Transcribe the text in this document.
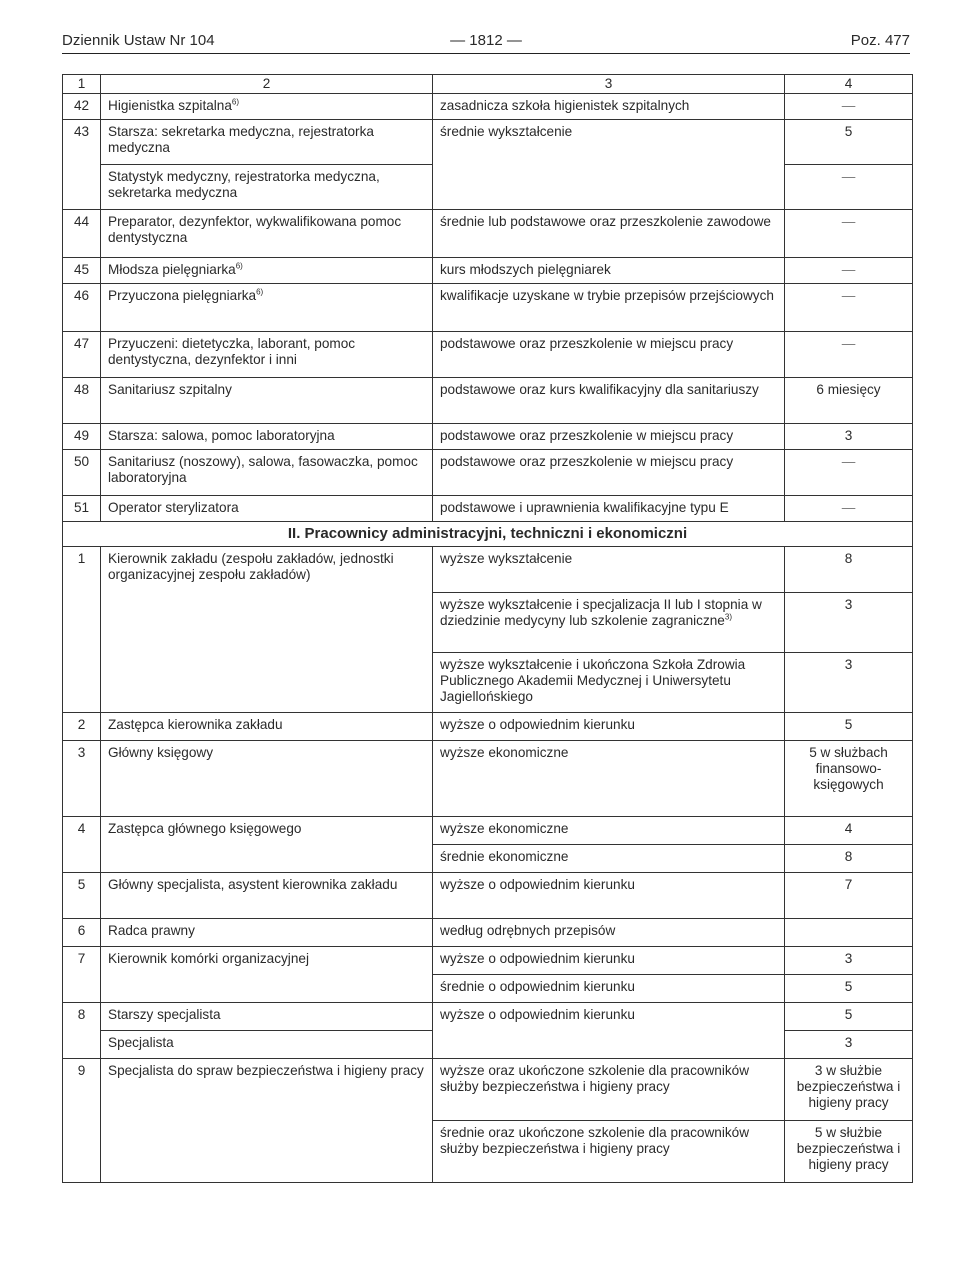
Dziennik Ustaw Nr 104	— 1812 —	Poz. 477
1	2	3	4
42	Higienistka szpitalna$^{6)}$	zasadnicza szkoła higienistek szpitalnych	—
43	Starsza: sekretarka medyczna, rejestratorka medyczna	średnie wykształcenie	5
	Statystyk medyczny, rejestratorka medyczna, sekretarka medyczna		—
44	Preparator, dezynfektor, wykwalifikowana pomoc dentystyczna	średnie lub podstawowe oraz przeszkolenie zawodowe	—
45	Młodsza pielęgniarka$^{6)}$	kurs młodszych pielęgniarek	—
46	Przyuczona pielęgniarka$^{6)}$	kwalifikacje uzyskane w trybie przepisów przejściowych	—
47	Przyuczeni: dietetyczka, laborant, pomoc dentystyczna, dezynfektor i inni	podstawowe oraz przeszkolenie w miejscu pracy	—
48	Sanitariusz szpitalny	podstawowe oraz kurs kwalifikacyjny dla sanitariuszy	6 miesięcy
49	Starsza: salowa, pomoc laboratoryjna	podstawowe oraz przeszkolenie w miejscu pracy	3
50	Sanitariusz (noszowy), salowa, fasowaczka, pomoc laboratoryjna	podstawowe oraz przeszkolenie w miejscu pracy	—
51	Operator sterylizatora	podstawowe i uprawnienia kwalifikacyjne typu E	—
II. Pracownicy administracyjni, techniczni i ekonomiczni			
1	Kierownik zakładu (zespołu zakładów, jednostki organizacyjnej zespołu zakładów)	wyższe wykształcenie	8
		wyższe wykształcenie i specjalizacja II lub I stopnia w dziedzinie medycyny lub szkolenie zagraniczne$^{3)}$	3
		wyższe wykształcenie i ukończona Szkoła Zdrowia Publicznego Akademii Medycznej i Uniwersytetu Jagiellońskiego	3
2	Zastępca kierownika zakładu	wyższe o odpowiednim kierunku	5
3	Główny księgowy	wyższe ekonomiczne	5 w służbach finansowo-księgowych
4	Zastępca głównego księgowego	wyższe ekonomiczne	4
		średnie ekonomiczne	8
5	Główny specjalista, asystent kierownika zakładu	wyższe o odpowiednim kierunku	7
6	Radca prawny	według odrębnych przepisów	
7	Kierownik komórki organizacyjnej	wyższe o odpowiednim kierunku	3
		średnie o odpowiednim kierunku	5
8	Starszy specjalista	wyższe o odpowiednim kierunku	5
	Specjalista		3
9	Specjalista do spraw bezpieczeństwa i higieny pracy	wyższe oraz ukończone szkolenie dla pracowników służby bezpieczeństwa i higieny pracy	3 w służbie bezpieczeństwa i higieny pracy
		średnie oraz ukończone szkolenie dla pracowników służby bezpieczeństwa i higieny pracy	5 w służbie bezpieczeństwa i higieny pracy
